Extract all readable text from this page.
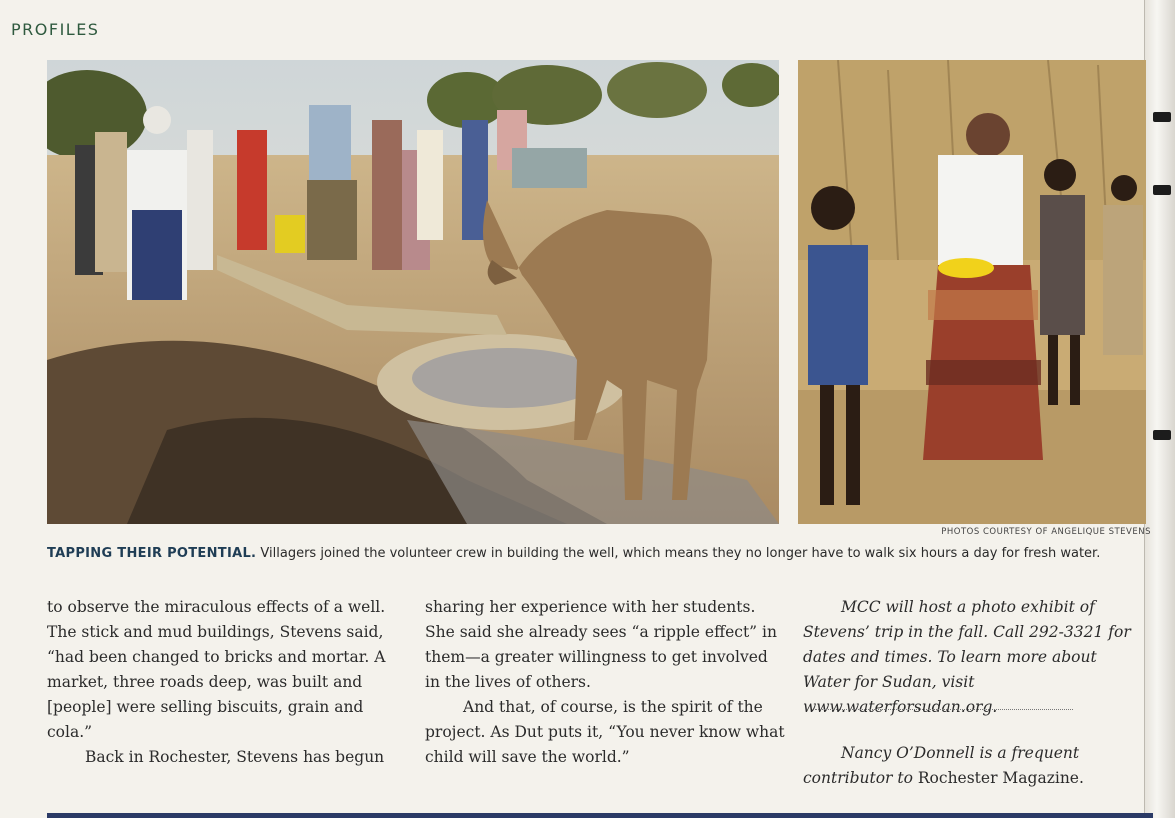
PROFILES
PHOTOS COURTESY OF ANGELIQUE STEVENS
TAPPING THEIR POTENTIAL. Villagers joined the volunteer crew in building the well, which means they no longer have to walk six hours a day for fresh water.

to observe the miraculous effects of a well. The stick and mud buildings, Stevens said, “had been changed to bricks and mortar. A market, three roads deep, was built and [people] were selling biscuits, grain and cola.”

Back in Rochester, Stevens has begun

sharing her experience with her students. She said she already sees “a ripple effect” in them—a greater willingness to get involved in the lives of others.

And that, of course, is the spirit of the project. As Dut puts it, “You never know what child will save the world.”

MCC will host a photo exhibit of Stevens’ trip in the fall. Call 292-3321 for dates and times. To learn more about Water for Sudan, visit www.waterforsudan.org.

Nancy O’Donnell is a frequent contributor to Rochester Magazine.
